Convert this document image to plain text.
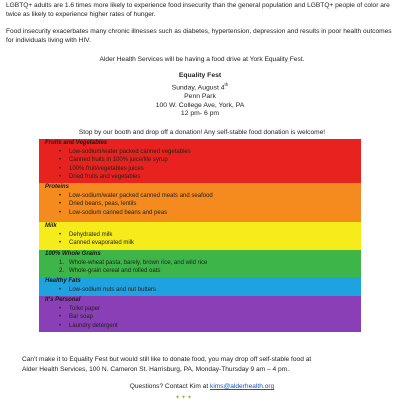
LGBTQ+ adults are 1.6 times more likely to experience food insecurity than the general population and LGBTQ+ people of color are twice as likely to experience higher rates of hunger.

Food insecurity exacerbates many chronic illnesses such as diabetes, hypertension, depression and results in poor health outcomes for individuals living with HIV.

Alder Health Services will be having a food drive at York Equality Fest.

Equality Fest
Sunday, August 4th
Penn Park
100 W. College Ave, York, PA
12 pm- 6 pm

Stop by our booth and drop off a donation! Any self-stable food donation is welcome!

Fruits and Vegetables
• Low-sodium/water packed canned vegetables
• Canned fruits in 100% juice/lite syrup
• 100% fruit/vegetables juices
• Dried fruits and vegetables
Proteins
• Low-sodium/water packed canned meats and seafood
• Dried beans, peas, lentils
• Low-sodium canned beans and peas
Milk
• Dehydrated milk
• Canned evaporated milk
100% Whole Grains
1. Whole-wheat pasta, barely, brown rice, and wild rice
2. Whole-grain cereal and rolled oats
Healthy Fats
• Low-sodium nuts and nut butters
It's Personal
• Toilet paper
• Bar soap
• Laundry detergent

Can't make it to Equality Fest but would still like to donate food, you may drop off self-stable food at

Alder Health Services, 100 N. Cameron St. Harrisburg, PA, Monday-Thursday 9 am – 4 pm.

Questions? Contact Kim at kims@alderhealth.org

✦✦✦
